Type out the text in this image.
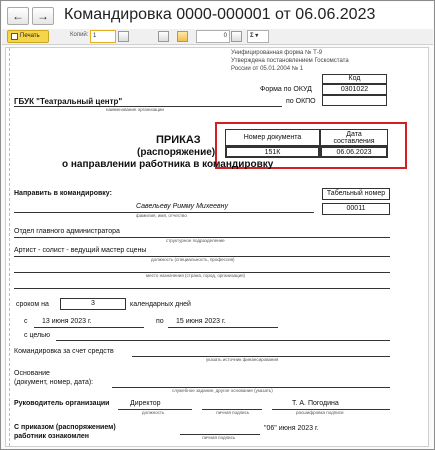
←	→ Командировка 0000-000001 от 06.06.2023
Печать	Копий: 1	0	Σ ▾
Унифицированная форма № Т-9
Утверждена постановлением Госкомстата
России от 05.01.2004 № 1
Код
Форма по ОКУД	0301022
по ОКПО
ГБУК "Театральный центр"
наименование организации
Номер документа	Дата
составления
151К	06.06.2023
ПРИКАЗ
(распоряжение)
о направлении работника в командировку
Направить в командировку:	Табельный номер
00011
Савельеву Римму Михеевну
фамилия, имя, отчество
Отдел главного администратора
структурное подразделение
Артист - солист - ведущий мастер сцены
должность (специальность, профессия)
место назначения (страна, город, организация)
сроком на	3	календарных дней
с 13 июня 2023 г.	по 15 июня 2023 г.
с целью
Командировка за счет средств
указать источник финансирования
Основание
(документ, номер, дата):
служебное задание, другое основание (указать)
Руководитель организации	Директор
должность	личная подпись
Т. А. Погодина
расшифровка подписи
С приказом (распоряжением)
работник ознакомлен	личная подпись
"06" июня 2023 г.
